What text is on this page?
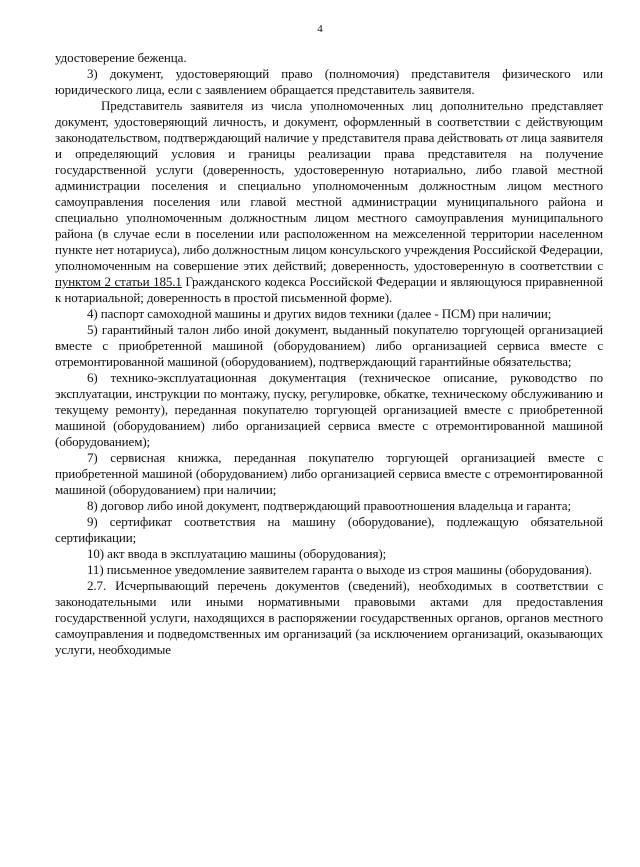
4

удостоверение беженца.

3) документ, удостоверяющий право (полномочия) представителя физического или юридического лица, если с заявлением обращается представитель заявителя.

Представитель заявителя из числа уполномоченных лиц дополнительно представляет документ, удостоверяющий личность, и документ, оформленный в соответствии с действующим законодательством, подтверждающий наличие у представителя права действовать от лица заявителя и определяющий условия и границы реализации права представителя на получение государственной услуги (доверенность, удостоверенную нотариально, либо главой местной администрации поселения и специально уполномоченным должностным лицом местного самоуправления поселения или главой местной администрации муниципального района и специально уполномоченным должностным лицом местного самоуправления муниципального района (в случае если в поселении или расположенном на межселенной территории населенном пункте нет нотариуса), либо должностным лицом консульского учреждения Российской Федерации, уполномоченным на совершение этих действий; доверенность, удостоверенную в соответствии с пунктом 2 статьи 185.1 Гражданского кодекса Российской Федерации и являющуюся приравненной к нотариальной; доверенность в простой письменной форме).

4) паспорт самоходной машины и других видов техники (далее - ПСМ) при наличии;

5) гарантийный талон либо иной документ, выданный покупателю торгующей организацией вместе с приобретенной машиной (оборудованием) либо организацией сервиса вместе с отремонтированной машиной (оборудованием), подтверждающий гарантийные обязательства;

6) технико-эксплуатационная документация (техническое описание, руководство по эксплуатации, инструкции по монтажу, пуску, регулировке, обкатке, техническому обслуживанию и текущему ремонту), переданная покупателю торгующей организацией вместе с приобретенной машиной (оборудованием) либо организацией сервиса вместе с отремонтированной машиной (оборудованием);

7) сервисная книжка, переданная покупателю торгующей организацией вместе с приобретенной машиной (оборудованием) либо организацией сервиса вместе с отремонтированной машиной (оборудованием) при наличии;

8) договор либо иной документ, подтверждающий правоотношения владельца и гаранта;

9) сертификат соответствия на машину (оборудование), подлежащую обязательной сертификации;

10) акт ввода в эксплуатацию машины (оборудования);

11) письменное уведомление заявителем гаранта о выходе из строя машины (оборудования).

2.7. Исчерпывающий перечень документов (сведений), необходимых в соответствии с законодательными или иными нормативными правовыми актами для предоставления государственной услуги, находящихся в распоряжении государственных органов, органов местного самоуправления и подведомственных им организаций (за исключением организаций, оказывающих услуги, необходимые
